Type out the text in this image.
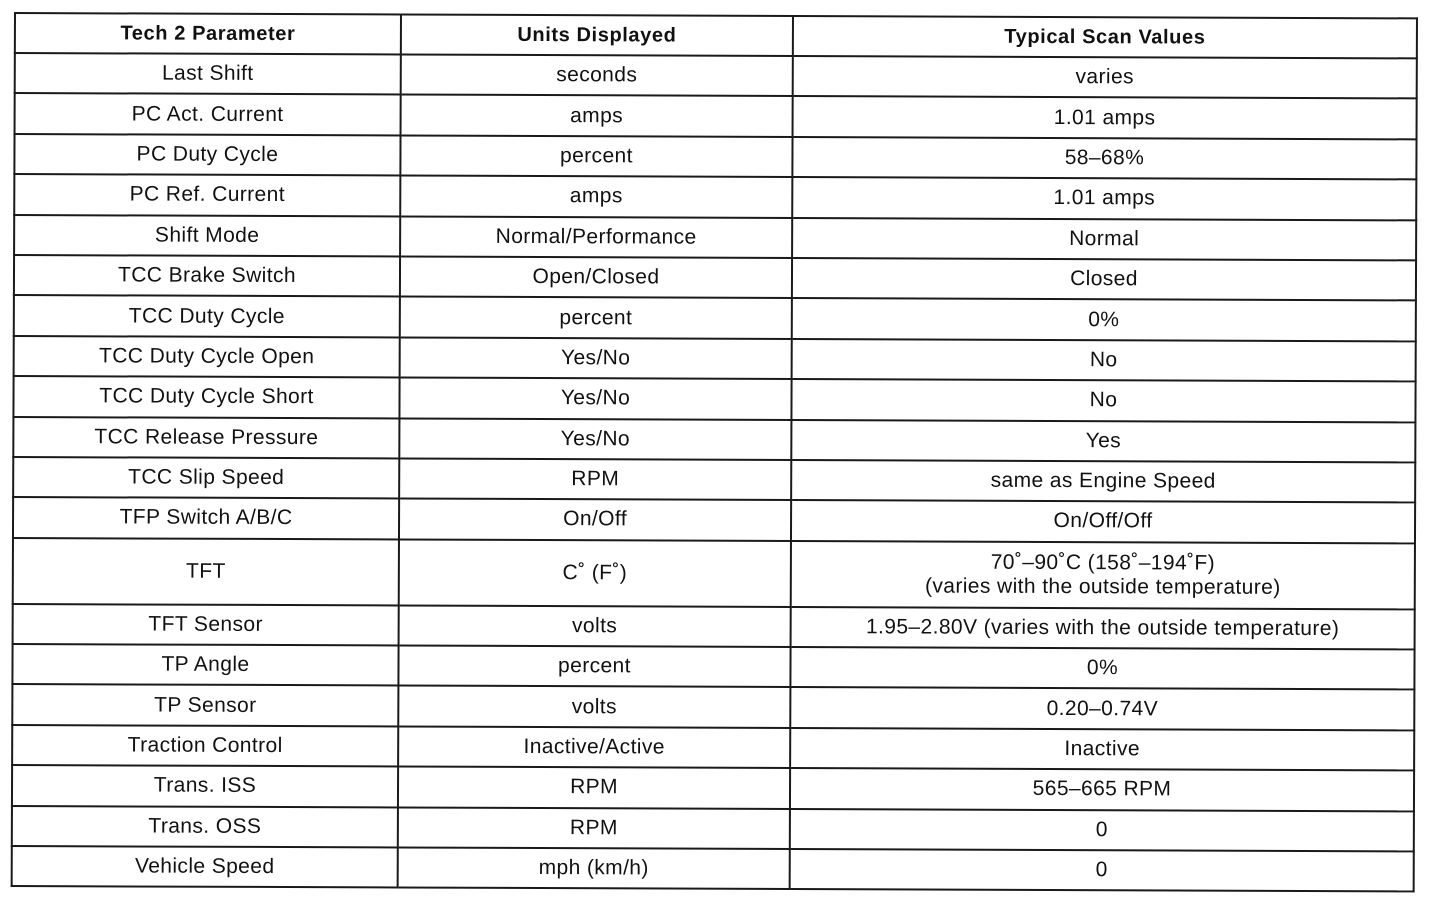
Tech 2 Parameter	Units Displayed	Typical Scan Values
Last Shift	seconds	varies
PC Act. Current	amps	1.01 amps
PC Duty Cycle	percent	58–68%
PC Ref. Current	amps	1.01 amps
Shift Mode	Normal/Performance	Normal
TCC Brake Switch	Open/Closed	Closed
TCC Duty Cycle	percent	0%
TCC Duty Cycle Open	Yes/No	No
TCC Duty Cycle Short	Yes/No	No
TCC Release Pressure	Yes/No	Yes
TCC Slip Speed	RPM	same as Engine Speed
TFP Switch A/B/C	On/Off	On/Off/Off
TFT	C˚ (F˚)	70˚–90˚C (158˚–194˚F)
(varies with the outside temperature)

TFT Sensor	volts	1.95–2.80V (varies with the outside temperature)
TP Angle	percent	0%
TP Sensor	volts	0.20–0.74V
Traction Control	Inactive/Active	Inactive
Trans. ISS	RPM	565–665 RPM
Trans. OSS	RPM	0
Vehicle Speed	mph (km/h)	0
